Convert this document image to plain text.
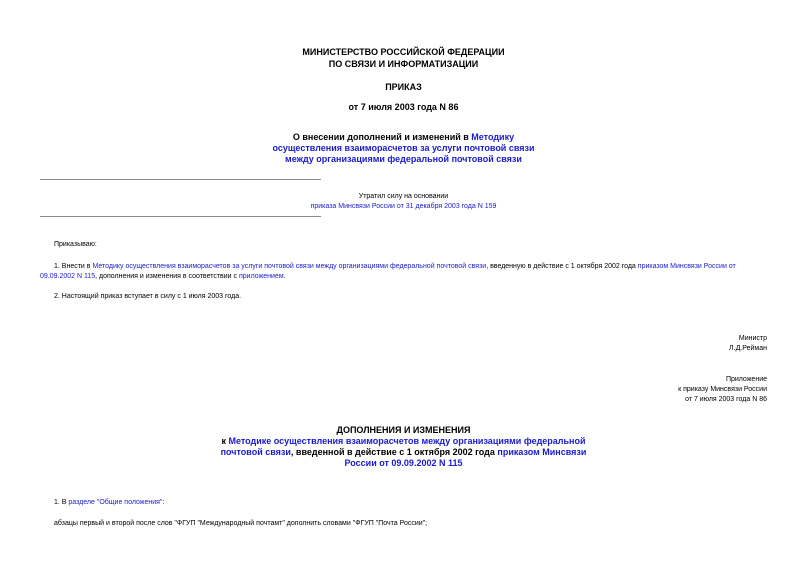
МИНИСТЕРСТВО РОССИЙСКОЙ ФЕДЕРАЦИИ
ПО СВЯЗИ И ИНФОРМАТИЗАЦИИ
ПРИКАЗ
от 7 июля 2003 года N 86
О внесении дополнений и изменений в Методику
осуществления взаиморасчетов за услуги почтовой связи
между организациями федеральной почтовой связи
Утратил силу на основании
приказа Минсвязи России от 31 декабря 2003 года N 159
Приказываю:
1. Внести в Методику осуществления взаиморасчетов за услуги почтовой связи между организациями федеральной почтовой связи, введенную в действие с 1 октября 2002 года приказом Минсвязи России от
09.09.2002 N 115, дополнения и изменения в соответствии с приложением.
2. Настоящий приказ вступает в силу с 1 июля 2003 года.
Министр
Л.Д.Рейман
Приложение
к приказу Минсвязи России
от 7 июля 2003 года N 86
ДОПОЛНЕНИЯ И ИЗМЕНЕНИЯ
к Методике осуществления взаиморасчетов между организациями федеральной
почтовой связи, введенной в действие с 1 октября 2002 года приказом Минсвязи
России от 09.09.2002 N 115
1. В разделе "Общие положения":
абзацы первый и второй после слов "ФГУП "Международный почтамт" дополнить словами "ФГУП "Почта России";
